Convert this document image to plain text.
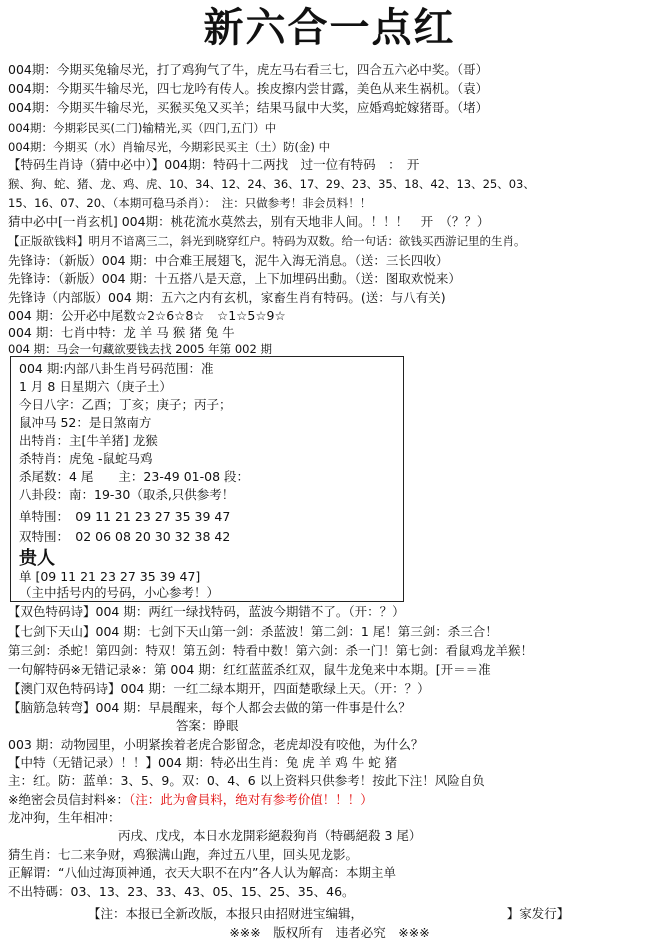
新六合一点红
004期：今期买兔输尽光，打了鸡狗气了牛，虎左马右看三七，四合五六必中奖。（哥）
004期：今期买牛输尽光，四七龙吟有传人。挨皮擦内尝甘露，美色从来生祸机。（袁）
004期：今期买牛输尽光，买猴买兔又买羊；结果马鼠中大奖，应婚鸡蛇嫁猪哥。（堵）
004期：今期彩民买(二门)输精光,买（四门,五门）中
004期：今期买（水）肖输尽光，今期彩民买主（土）防(金) 中
【特码生肖诗（猜中必中）】004期：特码十二两找　过一位有特码　：　开
猴、狗、蛇、猪、龙、鸡、虎、10、34、12、24、36、17、29、23、35、18、42、13、25、03、
15、16、07、20、（本期可稳马杀肖）：　注：只做参考！非会员料！！
猜中必中[一肖玄机] 004期：桃花流水莫然去，别有天地非人间。！！！　开　（？？）
【正版欲钱料】明月不谙离三二，斜光到晓穿红户。特码为双数。给一句话：欲钱买西游记里的生肖。
先锋诗：（新版）004 期：中合难王展翅飞，泥牛入海无消息。（送：三长四收）
先锋诗：（新版）004 期：十五搭八是天意，上下加埋码出動。（送：图取欢悦来）
先锋诗（内部版）004 期：五六之内有玄机，家畜生肖有特码。(送：与八有关)
004 期：公开必中尾数☆2☆6☆8☆　☆1☆5☆9☆
004 期：七肖中特：龙 羊 马 猴 猪 兔 牛
004 期：马会一句藏欲要钱去找 2005 年第 002 期
004 期:内部八卦生肖号码范围：准
1 月 8 日星期六（庚子土）
今日八字：乙酉；丁亥；庚子；丙子；
鼠冲马 52：是日煞南方
出特肖：主[牛羊猪] 龙猴
杀特肖：虎兔 -鼠蛇马鸡
杀尾数：4 尾　　主：23-49 01-08 段：
八卦段：南：19-30（取杀,只供参考！
单特围：　09 11 21 23 27 35 39 47
双特围：　02 06 08 20 30 32 38 42
贵人
单 [09 11 21 23 27 35 39 47]
（主中括号内的号码，小心参考！）
【双色特码诗】004 期：两红一绿找特码，蓝波今期错不了。（开：？）
【七剑下天山】004 期：七剑下天山第一剑：杀蓝波！第二剑：1 尾！第三剑：杀三合！
第三剑：杀蛇！第四剑：特双！第五剑：特看中数！第六剑：杀一门！第七剑：看鼠鸡龙羊猴！
一句解特码※无错记录※：第 004 期：红红蓝蓝杀红双，鼠牛龙兔来中本期。[开＝＝准
【澳门双色特码诗】004 期：一红二绿本期开，四面楚歌绿上天。（开：？）
【脑筋急转弯】004 期：早晨醒来，每个人都会去做的第一件事是什么？
答案：睁眼
003 期：动物园里，小明紧挨着老虎合影留念，老虎却没有咬他，为什么？
【中特（无错记录）！！】004 期：特必出生肖：兔 虎 羊 鸡 牛 蛇 猪
主：红。防：蓝单：3、5、9。双：0、4、6 以上资料只供参考！按此下注！风险自负
※绝密会员信封料※：（注：此为會員料，绝对有参考价值！！！）
龙冲狗，生年相冲：
丙戌、戊戌，本日水龙開彩絕殺狗肖（特碼絕殺 3 尾）
猜生肖：七二来争财，鸡猴满山跑，奔过五八里，回头见龙影。
正解谓：“八仙过海顶神通，衣天大职不在内”各人认为解高：本期主单
不出特碼：03、13、23、33、43、05、15、25、35、46。
【注：本报已全新改版，本报只由招财进宝编辑，　　　　　　　　　　　　】家发行】
※※※　版权所有　违者必究　※※※
